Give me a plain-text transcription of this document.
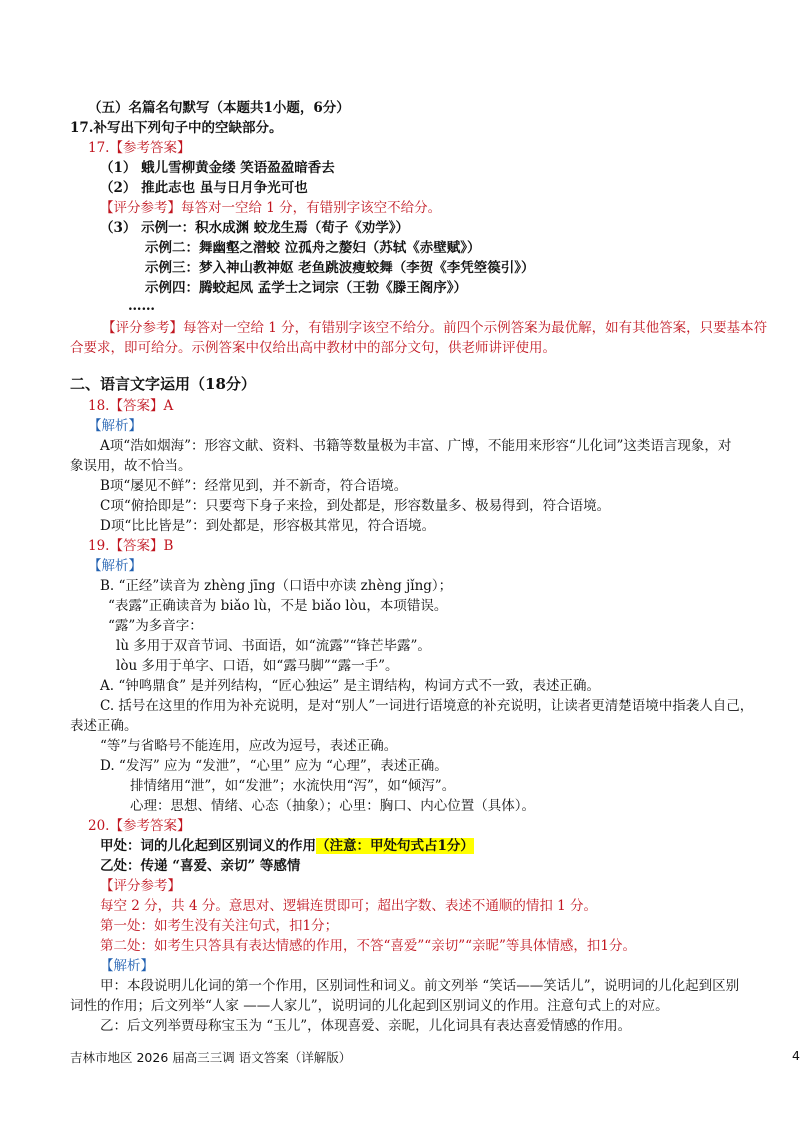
（五）名篇名句默写（本题共1小题，6分）
17.补写出下列句子中的空缺部分。
17.【参考答案】
（1） 蛾儿雪柳黄金缕 笑语盈盈暗香去
（2） 推此志也 虽与日月争光可也
【评分参考】每答对一空给 1 分，有错别字该空不给分。
（3） 示例一：积水成渊 蛟龙生焉（荀子《劝学》）
示例二：舞幽壑之潜蛟 泣孤舟之嫠妇（苏轼《赤壁赋》）
示例三：梦入神山教神妪 老鱼跳波瘦蛟舞（李贺《李凭箜篌引》）
示例四：腾蛟起凤 孟学士之词宗（王勃《滕王阁序》）
……
【评分参考】每答对一空给 1 分，有错别字该空不给分。前四个示例答案为最优解，如有其他答案，只要基本符
合要求，即可给分。示例答案中仅给出高中教材中的部分文句，供老师讲评使用。
二、语言文字运用（18分）
18.【答案】A
【解析】
A项“浩如烟海”：形容文献、资料、书籍等数量极为丰富、广博，不能用来形容“儿化词”这类语言现象，对
象误用，故不恰当。
B项“屡见不鲜”：经常见到，并不新奇，符合语境。
C项“俯拾即是”：只要弯下身子来捡，到处都是，形容数量多、极易得到，符合语境。
D项“比比皆是”：到处都是，形容极其常见，符合语境。
19.【答案】B
【解析】
B. “正经”读音为 zhèng jīng（口语中亦读 zhèng jǐng）；
“表露”正确读音为 biǎo lù，不是 biǎo lòu，本项错误。
“露”为多音字：
lù 多用于双音节词、书面语，如“流露”“锋芒毕露”。
lòu 多用于单字、口语，如“露马脚”“露一手”。
A. “钟鸣鼎食” 是并列结构，“匠心独运” 是主谓结构，构词方式不一致，表述正确。
C. 括号在这里的作用为补充说明，是对“别人”一词进行语境意的补充说明，让读者更清楚语境中指袭人自己，
表述正确。
“等”与省略号不能连用，应改为逗号，表述正确。
D. “发泻” 应为 “发泄”，“心里” 应为 “心理”，表述正确。
排情绪用“泄”，如“发泄”；水流快用“泻”，如“倾泻”。
心理：思想、情绪、心态（抽象）；心里：胸口、内心位置（具体）。
20.【参考答案】
甲处：词的儿化起到区别词义的作用（注意：甲处句式占1分）
乙处：传递 “喜爱、亲切” 等感情
【评分参考】
每空 2 分，共 4 分。意思对、逻辑连贯即可；超出字数、表述不通顺的情扣 1 分。
第一处：如考生没有关注句式，扣1分；
第二处：如考生只答具有表达情感的作用，不答“喜爱”“亲切”“亲昵”等具体情感，扣1分。
【解析】
甲：本段说明儿化词的第一个作用，区别词性和词义。前文列举 “笑话——笑话儿”，说明词的儿化起到区别
词性的作用；后文列举“人家 ——人家儿”，说明词的儿化起到区别词义的作用。注意句式上的对应。
乙：后文列举贾母称宝玉为 “玉儿”，体现喜爱、亲昵，儿化词具有表达喜爱情感的作用。
吉林市地区 2026 届高三三调 语文答案（详解版）	4
